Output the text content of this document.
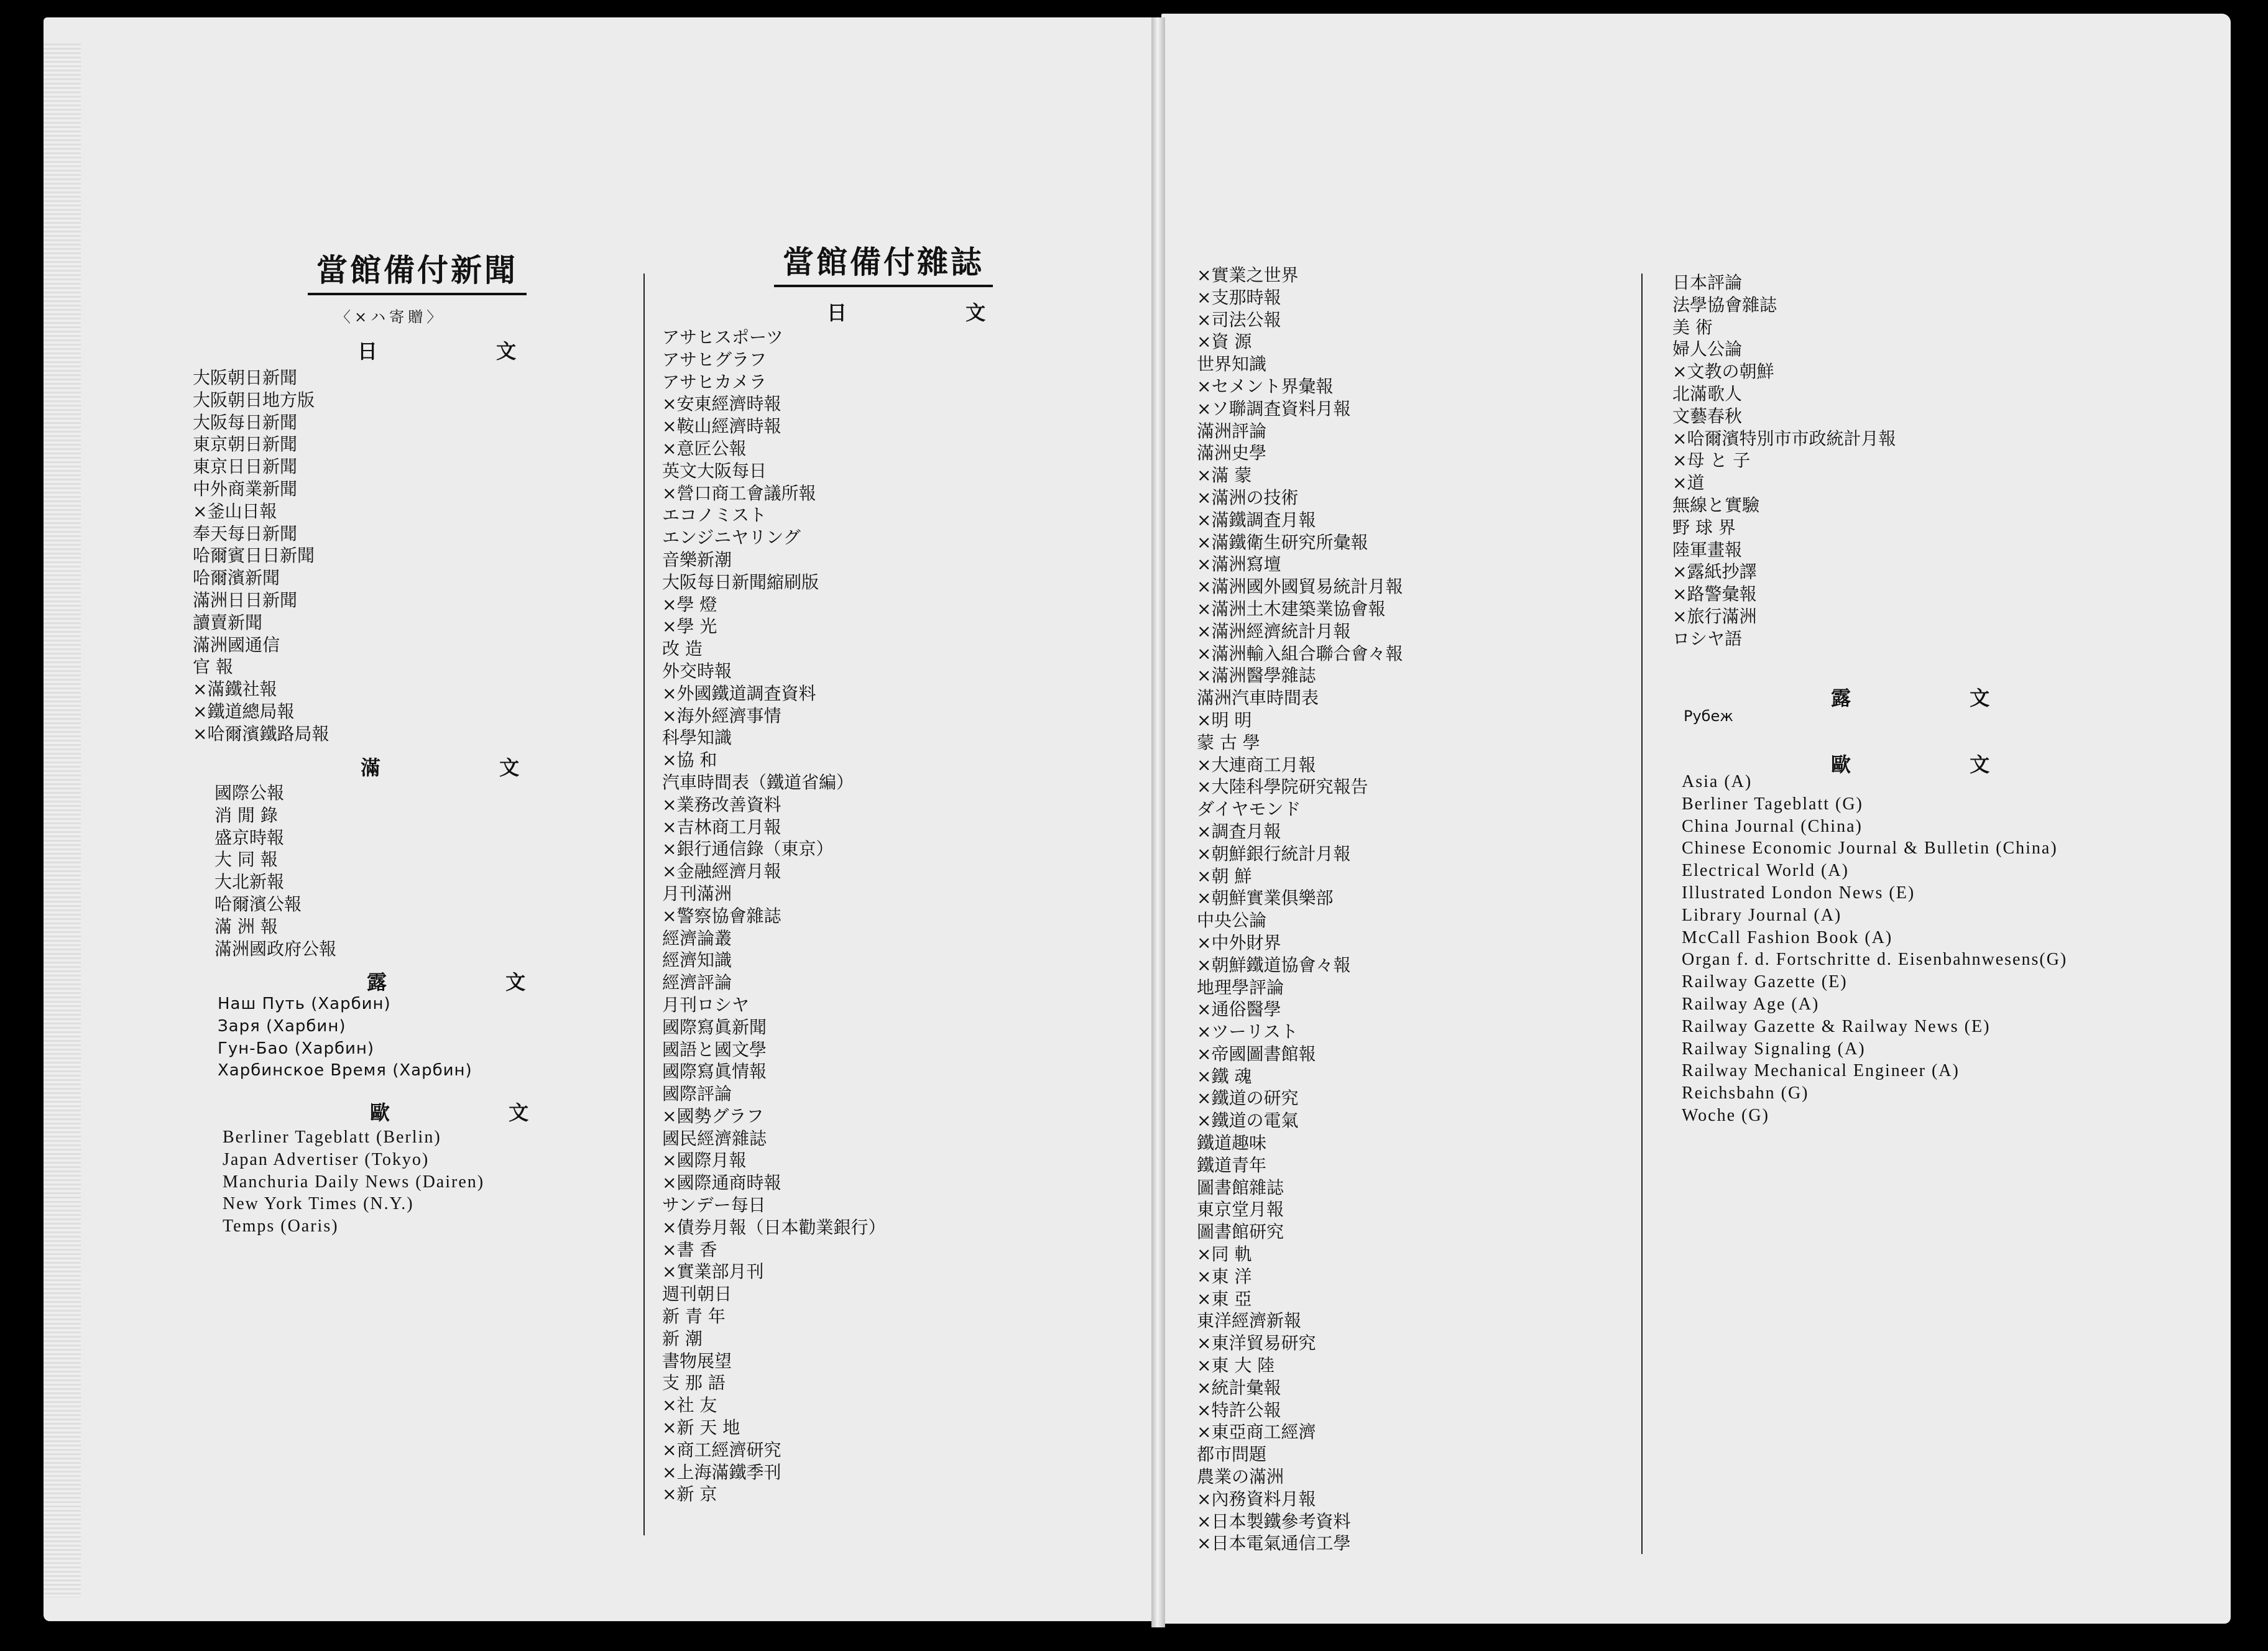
當館備付新聞
〈×ハ寄贈〉
日 文
大阪朝日新聞
大阪朝日地方版
大阪每日新聞
東京朝日新聞
東京日日新聞
中外商業新聞
×釜山日報
奉天每日新聞
哈爾賓日日新聞
哈爾濱新聞
滿洲日日新聞
讀賣新聞
滿洲國通信
官 報
×滿鐵社報
×鐵道總局報
×哈爾濱鐵路局報
滿 文
國際公報
消 閒 錄
盛京時報
大 同 報
大北新報
哈爾濱公報
滿 洲 報
滿洲國政府公報
露 文
Наш Путь (Харбин)
Заря (Харбин)
Гун-Бао (Харбин)
Харбинское Время (Харбин)
歐 文
Berliner Tageblatt (Berlin)
Japan Advertiser (Tokyo)
Manchuria Daily News (Dairen)
New York Times (N.Y.)
Temps (Oaris)
當館備付雜誌
日 文
アサヒスポーツ
アサヒグラフ
アサヒカメラ
×安東經濟時報
×鞍山經濟時報
×意匠公報
英文大阪每日
×營口商工會議所報
エコノミスト
エンジニヤリング
音樂新潮
大阪每日新聞縮刷版
×學 燈
×學 光
改 造
外交時報
×外國鐵道調査資料
×海外經濟事情
科學知識
×協 和
汽車時間表（鐵道省編）
×業務改善資料
×吉林商工月報
×銀行通信錄（東京）
×金融經濟月報
月刊滿洲
×警察協會雜誌
經濟論叢
經濟知識
經濟評論
月刊ロシヤ
國際寫眞新聞
國語と國文學
國際寫眞情報
國際評論
×國勢グラフ
國民經濟雜誌
×國際月報
×國際通商時報
サンデー每日
×債券月報（日本勸業銀行）
×書 香
×實業部月刊
週刊朝日
新 青 年
新 潮
書物展望
支 那 語
×社 友
×新 天 地
×商工經濟研究
×上海滿鐵季刊
×新 京
×實業之世界
×支那時報
×司法公報
×資 源
世界知識
×セメント界彙報
×ソ聯調査資料月報
滿洲評論
滿洲史學
×滿 蒙
×滿洲の技術
×滿鐵調査月報
×滿鐵衛生研究所彙報
×滿洲寫壇
×滿洲國外國貿易統計月報
×滿洲土木建築業協會報
×滿洲經濟統計月報
×滿洲輸入組合聯合會々報
×滿洲醫學雜誌
滿洲汽車時間表
×明 明
蒙 古 學
×大連商工月報
×大陸科學院研究報告
ダイヤモンド
×調査月報
×朝鮮銀行統計月報
×朝 鮮
×朝鮮實業俱樂部
中央公論
×中外財界
×朝鮮鐵道協會々報
地理學評論
×通俗醫學
×ツーリスト
×帝國圖書館報
×鐵 魂
×鐵道の研究
×鐵道の電氣
鐵道趣味
鐵道青年
圖書館雜誌
東京堂月報
圖書館研究
×同 軌
×東 洋
×東 亞
東洋經濟新報
×東洋貿易研究
×東 大 陸
×統計彙報
×特許公報
×東亞商工經濟
都市問題
農業の滿洲
×內務資料月報
×日本製鐵參考資料
×日本電氣通信工學
日本評論
法學協會雜誌
美 術
婦人公論
×文教の朝鮮
北滿歌人
文藝春秋
×哈爾濱特別市市政統計月報
×母 と 子
×道
無線と實驗
野 球 界
陸軍畫報
×露紙抄譯
×路警彙報
×旅行滿洲
ロシヤ語
露 文
Рубеж
歐 文
Asia (A)
Berliner Tageblatt (G)
China Journal (China)
Chinese Economic Journal & Bulletin (China)
Electrical World (A)
Illustrated London News (E)
Library Journal (A)
McCall Fashion Book (A)
Organ f. d. Fortschritte d. Eisenbahnwesens(G)
Railway Gazette (E)
Railway Age (A)
Railway Gazette & Railway News (E)
Railway Signaling (A)
Railway Mechanical Engineer (A)
Reichsbahn (G)
Woche (G)
